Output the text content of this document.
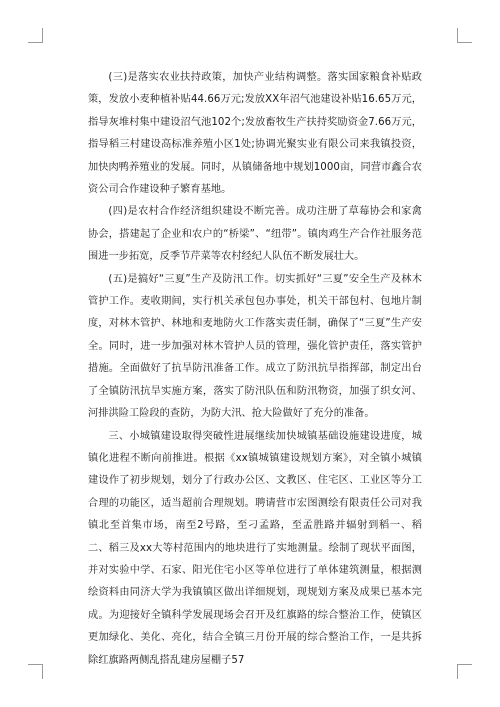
(三)是落实农业扶持政策，加快产业结构调整。落实国家粮食补贴政策，发放小麦种植补贴44.66万元;发放XX年沼气池建设补贴16.65万元，指导灰堆村集中建设沼气池102个;发放畜牧生产扶持奖励资金7.66万元，指导稻三村建设高标准养殖小区1处;协调光聚实业有限公司来我镇投资，加快肉鸭养殖业的发展。同时，从镇储备地中规划1000亩，同营市鑫合农资公司合作建设种子繁育基地。

(四)是农村合作经济组织建设不断完善。成功注册了草莓协会和家禽协会，搭建起了企业和农户的“桥梁”、“纽带”。镇肉鸡生产合作社服务范围进一步拓宽，反季节芹菜等农村经纪人队伍不断发展壮大。

(五)是搞好“三夏”生产及防汛工作。切实抓好“三夏”安全生产及林木管护工作。麦收期间，实行机关承包包办事处，机关干部包村、包地片制度，对林木管护、林地和麦地防火工作落实责任制，确保了“三夏”生产安全。同时，进一步加强对林木管护人员的管理，强化管护责任，落实管护措施。全面做好了抗旱防汛准备工作。成立了防汛抗旱指挥部，制定出台了全镇防汛抗旱实施方案，落实了防汛队伍和防汛物资，加强了织女河、河排洪险工险段的查防，为防大汛、抢大险做好了充分的准备。

三、小城镇建设取得突破性进展继续加快城镇基础设施建设进度，城镇化进程不断向前推进。根据《xx镇城镇建设规划方案》，对全镇小城镇建设作了初步规划，划分了行政办公区、文教区、住宅区、工业区等分工合理的功能区，适当超前合理规划。聘请营市宏图测绘有限责任公司对我镇北至首集市场，南至2号路，至刁孟路，至孟胜路并辐射到稻一、稻二、稻三及xx大等村范围内的地块进行了实地测量。绘制了现状平面图，并对实验中学、石家、阳光住宅小区等单位进行了单体建筑测量，根据测绘资料由同济大学为我镇镇区做出详细规划，现规划方案及成果已基本完成。为迎接好全镇科学发展现场会召开及红旗路的综合整治工作，使镇区更加绿化、美化、亮化，结合全镇三月份开展的综合整治工作，一是共拆除红旗路两侧乱搭乱建房屋棚子57
